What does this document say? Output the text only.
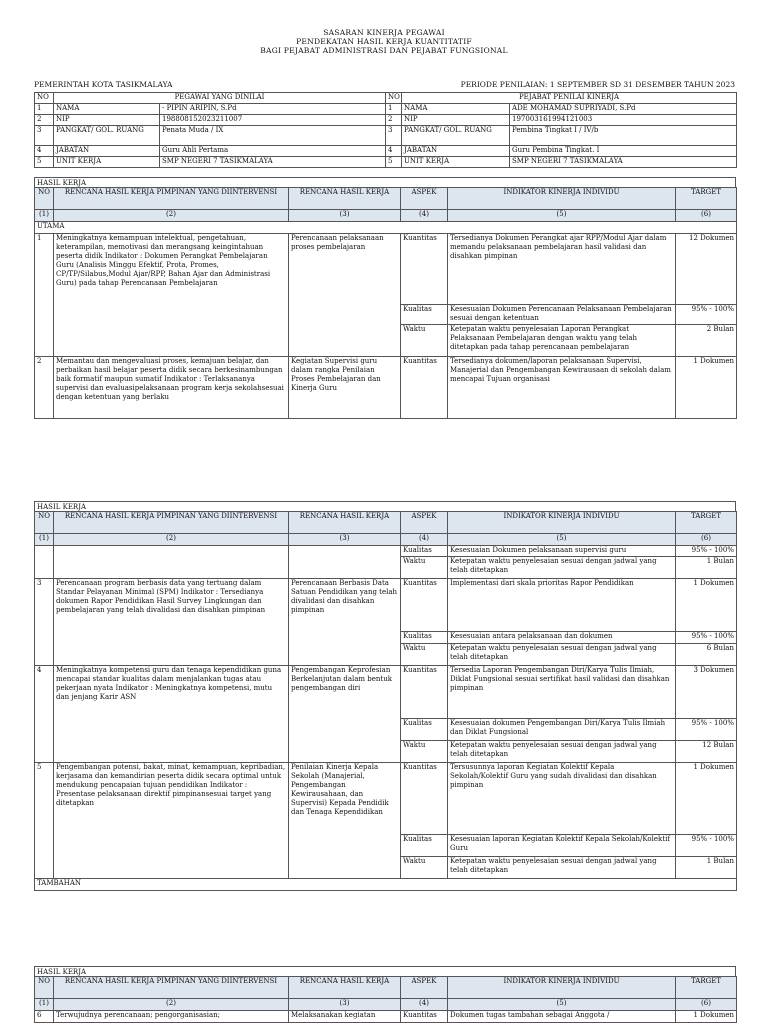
SASARAN KINERJA PEGAWAI
PENDEKATAN HASIL KERJA KUANTITATIF
BAGI PEJABAT ADMINISTRASI DAN PEJABAT FUNGSIONAL
PEMERINTAH KOTA TASIKMALAYA	PERIODE PENILAIAN: 1 SEPTEMBER SD 31 DESEMBER TAHUN 2023
NO	PEGAWAI YANG DINILAI		NO	PEJABAT PENILAI KINERJA	
1	NAMA	- PIPIN ARIPIN, S.Pd	1	NAMA	ADE MOHAMAD SUPRIYADI, S.Pd
2	NIP	198808152023211007	2	NIP	197003161994121003
3	PANGKAT/ GOL. RUANG	Penata Muda / IX	3	PANGKAT/ GOL. RUANG	Pembina Tingkat I / IV/b
4	JABATAN	Guru Ahli Pertama	4	JABATAN	Guru Pembina Tingkat. I
5	UNIT KERJA	SMP NEGERI 7 TASIKMALAYA	5	UNIT KERJA	SMP NEGERI 7 TASIKMALAYA
HASIL KERJA
NO	RENCANA HASIL KERJA PIMPINAN YANG DIINTERVENSI	RENCANA HASIL KERJA	ASPEK	INDIKATOR KINERJA INDIVIDU	TARGET
(1)	(2)	(3)	(4)	(5)	(6)
UTAMA					
1	Meningkatnya kemampuan intelektual, pengetahuan, keterampilan, memotivasi dan merangsang keingintahuan peserta didik Indikator : Dokumen Perangkat Pembelajaran Guru (Analisis Minggu Efektif, Prota, Promes, CP/TP/Silabus,Modul Ajar/RPP, Bahan Ajar dan Administrasi Guru) pada tahap Perencanaan Pembelajaran	Perencanaan pelaksanaan proses pembelajaran	Kuantitas	Tersedianya Dokumen Perangkat ajar RPP/Modul Ajar dalam memandu pelaksanaan pembelajaran hasil validasi dan disahkan pimpinan	12 Dokumen
			Kualitas	Kesesuaian Dokumen Perencanaan Pelaksanaan Pembelajaran sesuai dengan ketentuan	95% - 100%
			Waktu	Ketepatan waktu penyelesaian Laporan Perangkat Pelaksanaan Pembelajaran dengan waktu yang telah ditetapkan pada tahap perencanaan pembelajaran	2 Bulan
2	Memantau dan mengevaluasi proses, kemajuan belajar, dan perbaikan hasil belajar peserta didik secara berkesinambungan baik formatif maupun sumatif Indikator : Terlaksananya supervisi dan evaluasipelaksanaan program kerja sekolahsesuai dengan ketentuan yang berlaku	Kegiatan Supervisi guru dalam rangka Penilaian Proses Pembelajaran dan Kinerja Guru	Kuantitas	Tersedianya dokumen/laporan pelaksanaan Supervisi, Manajerial dan Pengembangan Kewirausaan di sekolah dalam mencapai Tujuan organisasi	1 Dokumen
HASIL KERJA
NO	RENCANA HASIL KERJA PIMPINAN YANG DIINTERVENSI	RENCANA HASIL KERJA	ASPEK	INDIKATOR KINERJA INDIVIDU	TARGET
(1)	(2)	(3)	(4)	(5)	(6)
			Kualitas	Kesesuaian Dokumen pelaksanaan supervisi guru	95% - 100%
			Waktu	Ketepatan waktu penyelesaian sesuai dengan jadwal yang telah ditetapkan	1 Bulan
3	Perencanaan program berbasis data yang tertuang dalam Standar Pelayanan Minimal (SPM) Indikator : Tersedianya dokumen Rapor Pendidikan Hasil Survey Lingkungan dan pembelajaran yang telah divalidasi dan disahkan pimpinan	Perencanaan Berbasis Data Satuan Pendidikan yang telah divalidasi dan disahkan pimpinan	Kuantitas	Implementasi dari skala prioritas Rapor Pendidikan	1 Dokumen
			Kualitas	Kesesuaian antara pelaksanaan dan dokumen	95% - 100%
			Waktu	Ketepatan waktu penyelesaian sesuai dengan jadwal yang telah ditetapkan	6 Bulan
4	Meningkatnya kompetensi guru dan tenaga kependidikan guna mencapai standar kualitas dalam menjalankan tugas atau pekerjaan nyata Indikator : Meningkatnya kompetensi, mutu dan jenjang Karir ASN	Pengembangan Keprofesian Berkelanjutan dalam bentuk pengembangan diri	Kuantitas	Tersedia Laporan Pengembangan Diri/Karya Tulis Ilmiah, Diklat Fungsional sesuai sertifikat hasil validasi dan disahkan pimpinan	3 Dokumen
			Kualitas	Kesesuaian dokumen Pengembangan Diri/Karya Tulis Ilmiah dan Diklat Fungsional	95% - 100%
			Waktu	Ketepatan waktu penyelesaian sesuai dengan jadwal yang telah ditetapkan	12 Bulan
5	Pengembangan potensi, bakat, minat, kemampuan, kepribadian, kerjasama dan kemandirian peserta didik secara optimal untuk mendukung pencapaian tujuan pendidikan Indikator : Presentase pelaksanaan direktif pimpinansesuai target yang ditetapkan	Penilaian Kinerja Kepala Sekolah (Manajerial, Pengembangan Kewirausahaan, dan Supervisi) Kepada Pendidik dan Tenaga Kependidikan	Kuantitas	Tersusunnya laporan Kegiatan Kolektif Kepala Sekolah/Kolektif Guru yang sudah divalidasi dan disahkan pimpinan	1 Dokumen
			Kualitas	Kesesuaian laporan Kegiatan Kolektif Kepala Sekolah/Kolektif Guru	95% - 100%
			Waktu	Ketepatan waktu penyelesaian sesuai dengan jadwal yang telah ditetapkan	1 Bulan
TAMBAHAN					
HASIL KERJA
NO	RENCANA HASIL KERJA PIMPINAN YANG DIINTERVENSI	RENCANA HASIL KERJA	ASPEK	INDIKATOR KINERJA INDIVIDU	TARGET
(1)	(2)	(3)	(4)	(5)	(6)
6	Terwujudnya perencanaan; pengorganisasian;	Melaksanakan kegiatan	Kuantitas	Dokumen tugas tambahan sebagai Anggota /	1 Dokumen
